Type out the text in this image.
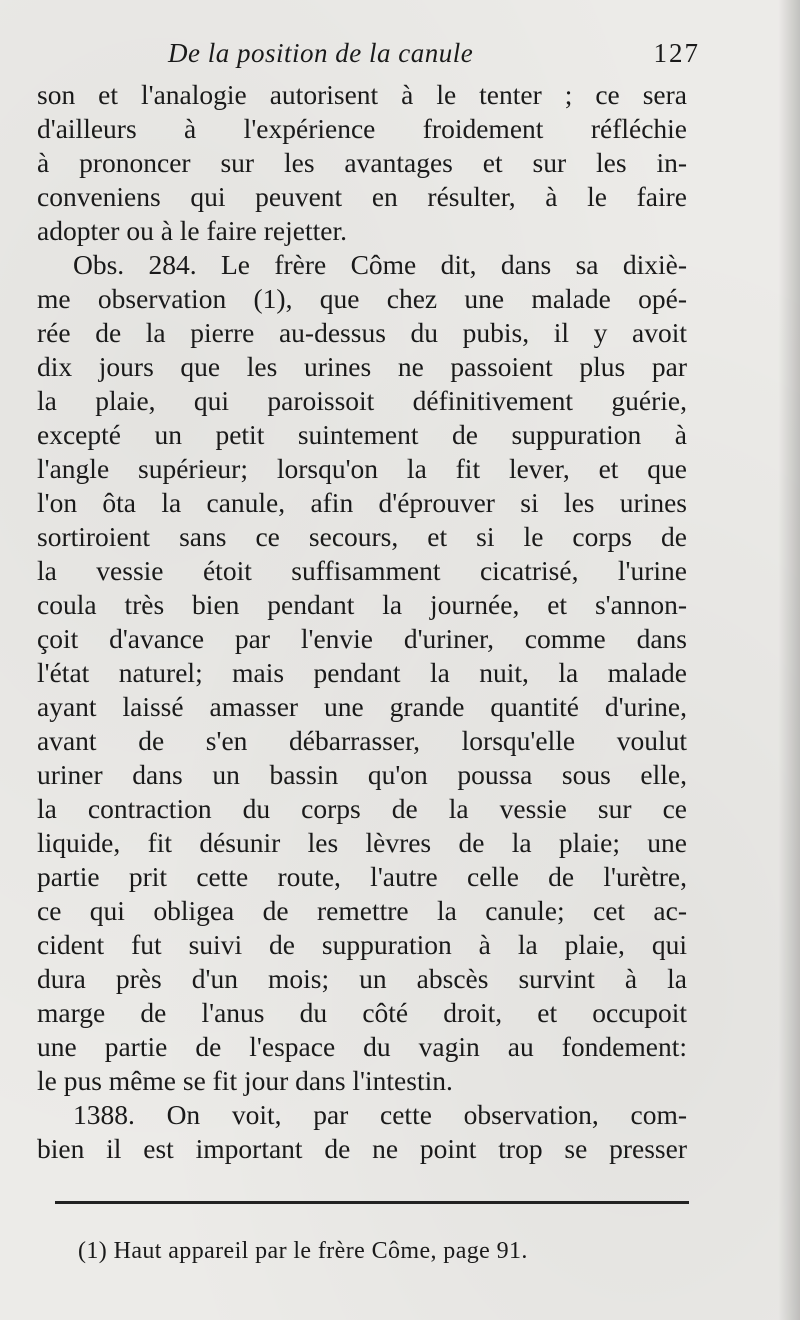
De la position de la canule	127
son et l'analogie autorisent à le tenter ; ce sera
d'ailleurs à l'expérience froidement réfléchie
à prononcer sur les avantages et sur les in-
conveniens qui peuvent en résulter, à le faire
adopter ou à le faire rejetter.
Obs. 284. Le frère Côme dit, dans sa dixiè-
me observation (1), que chez une malade opé-
rée de la pierre au-dessus du pubis, il y avoit
dix jours que les urines ne passoient plus par
la plaie, qui paroissoit définitivement guérie,
excepté un petit suintement de suppuration à
l'angle supérieur; lorsqu'on la fit lever, et que
l'on ôta la canule, afin d'éprouver si les urines
sortiroient sans ce secours, et si le corps de
la vessie étoit suffisamment cicatrisé, l'urine
coula très bien pendant la journée, et s'annon-
çoit d'avance par l'envie d'uriner, comme dans
l'état naturel; mais pendant la nuit, la malade
ayant laissé amasser une grande quantité d'urine,
avant de s'en débarrasser, lorsqu'elle voulut
uriner dans un bassin qu'on poussa sous elle,
la contraction du corps de la vessie sur ce
liquide, fit désunir les lèvres de la plaie; une
partie prit cette route, l'autre celle de l'urètre,
ce qui obligea de remettre la canule; cet ac-
cident fut suivi de suppuration à la plaie, qui
dura près d'un mois; un abscès survint à la
marge de l'anus du côté droit, et occupoit
une partie de l'espace du vagin au fondement:
le pus même se fit jour dans l'intestin.
1388. On voit, par cette observation, com-
bien il est important de ne point trop se presser
(1) Haut appareil par le frère Côme, page 91.
